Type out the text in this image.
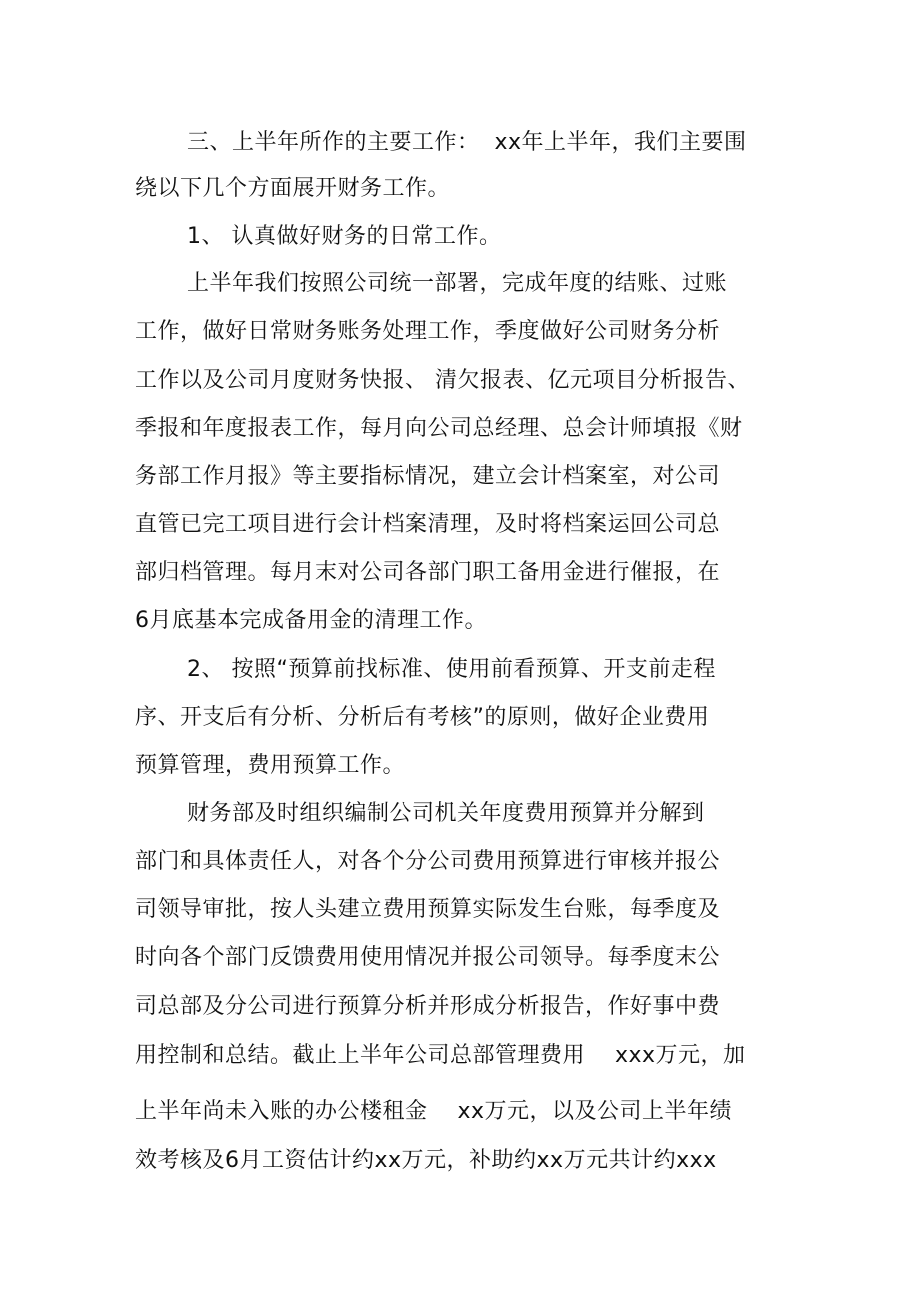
三、上半年所作的主要工作：  xx年上半年，我们主要围
绕以下几个方面展开财务工作。
1、 认真做好财务的日常工作。
上半年我们按照公司统一部署，完成年度的结账、过账
工作，做好日常财务账务处理工作，季度做好公司财务分析
工作以及公司月度财务快报、 清欠报表、亿元项目分析报告、
季报和年度报表工作，每月向公司总经理、总会计师填报《财
务部工作月报》等主要指标情况，建立会计档案室，对公司
直管已完工项目进行会计档案清理，及时将档案运回公司总
部归档管理。每月末对公司各部门职工备用金进行催报，在
6月底基本完成备用金的清理工作。
2、 按照“预算前找标准、使用前看预算、开支前走程
序、开支后有分析、分析后有考核”的原则，做好企业费用
预算管理，费用预算工作。
财务部及时组织编制公司机关年度费用预算并分解到
部门和具体责任人，对各个分公司费用预算进行审核并报公
司领导审批，按人头建立费用预算实际发生台账，每季度及
时向各个部门反馈费用使用情况并报公司领导。每季度末公
司总部及分公司进行预算分析并形成分析报告，作好事中费
用控制和总结。截止上半年公司总部管理费用    xxx万元，加
上半年尚未入账的办公楼租金    xx万元，以及公司上半年绩
效考核及6月工资估计约xx万元，补助约xx万元共计约xxx
